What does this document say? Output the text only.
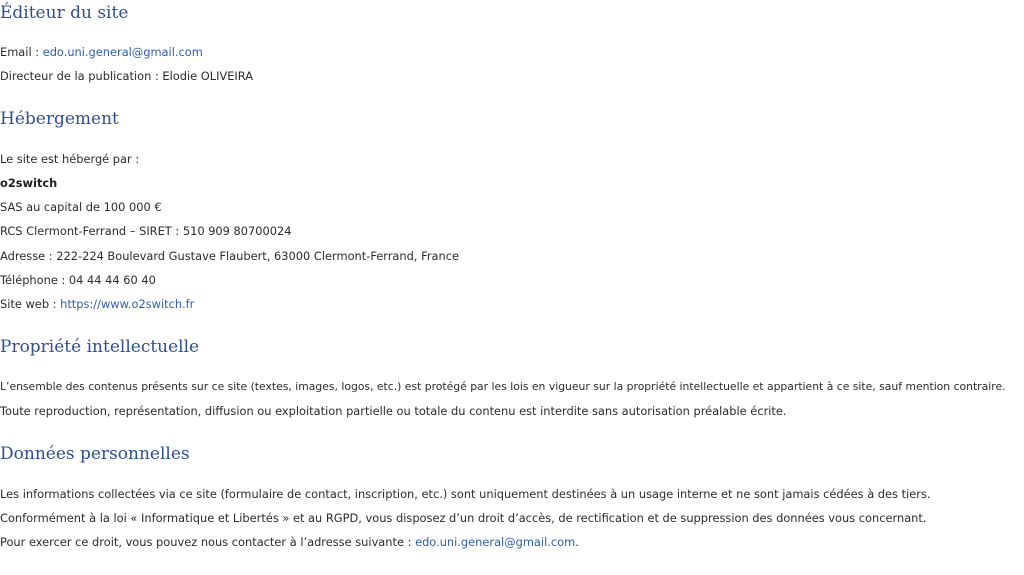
Éditeur du site

Email : edo.uni.general@gmail.com

Directeur de la publication : Elodie OLIVEIRA

Hébergement

Le site est hébergé par :

o2switch

SAS au capital de 100 000 €

RCS Clermont-Ferrand – SIRET : 510 909 80700024

Adresse : 222-224 Boulevard Gustave Flaubert, 63000 Clermont-Ferrand, France

Téléphone : 04 44 44 60 40

Site web : https://www.o2switch.fr

Propriété intellectuelle

L’ensemble des contenus présents sur ce site (textes, images, logos, etc.) est protégé par les lois en vigueur sur la propriété intellectuelle et appartient à ce site, sauf mention contraire.

Toute reproduction, représentation, diffusion ou exploitation partielle ou totale du contenu est interdite sans autorisation préalable écrite.

Données personnelles

Les informations collectées via ce site (formulaire de contact, inscription, etc.) sont uniquement destinées à un usage interne et ne sont jamais cédées à des tiers.

Conformément à la loi « Informatique et Libertés » et au RGPD, vous disposez d’un droit d’accès, de rectification et de suppression des données vous concernant.

Pour exercer ce droit, vous pouvez nous contacter à l’adresse suivante : edo.uni.general@gmail.com.
